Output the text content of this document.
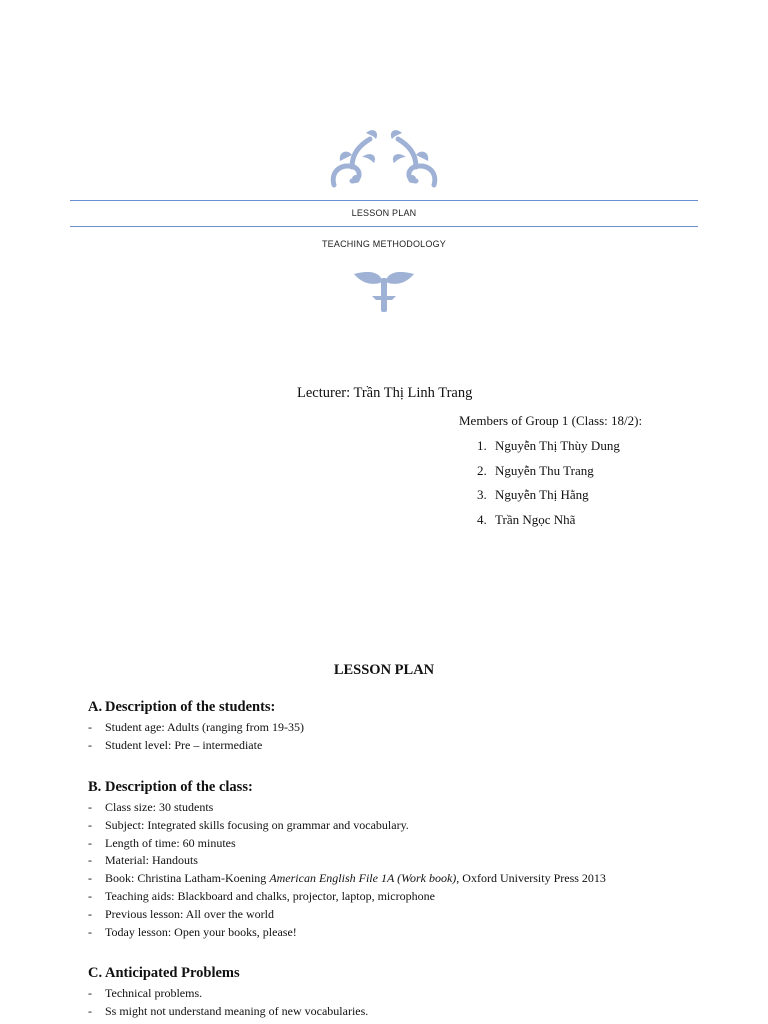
LESSON PLAN
TEACHING METHODOLOGY
Lecturer: Trần Thị Linh Trang
Members of Group 1 (Class: 18/2):
1. Nguyễn Thị Thùy Dung
2. Nguyễn Thu Trang
3. Nguyễn Thị Hằng
4. Trần Ngọc Nhã
LESSON PLAN
A. Description of the students:
-	Student age: Adults (ranging from 19-35)
-	Student level: Pre – intermediate
B. Description of the class:
-	Class size: 30 students
-	Subject: Integrated skills focusing on grammar and vocabulary.
-	Length of time: 60 minutes
-	Material: Handouts
-	Book: Christina Latham-Koening American English File 1A (Work book), Oxford University Press 2013
-	Teaching aids: Blackboard and chalks, projector, laptop, microphone
-	Previous lesson: All over the world
-	Today lesson: Open your books, please!
C. Anticipated Problems
-	Technical problems.
-	Ss might not understand meaning of new vocabularies.
